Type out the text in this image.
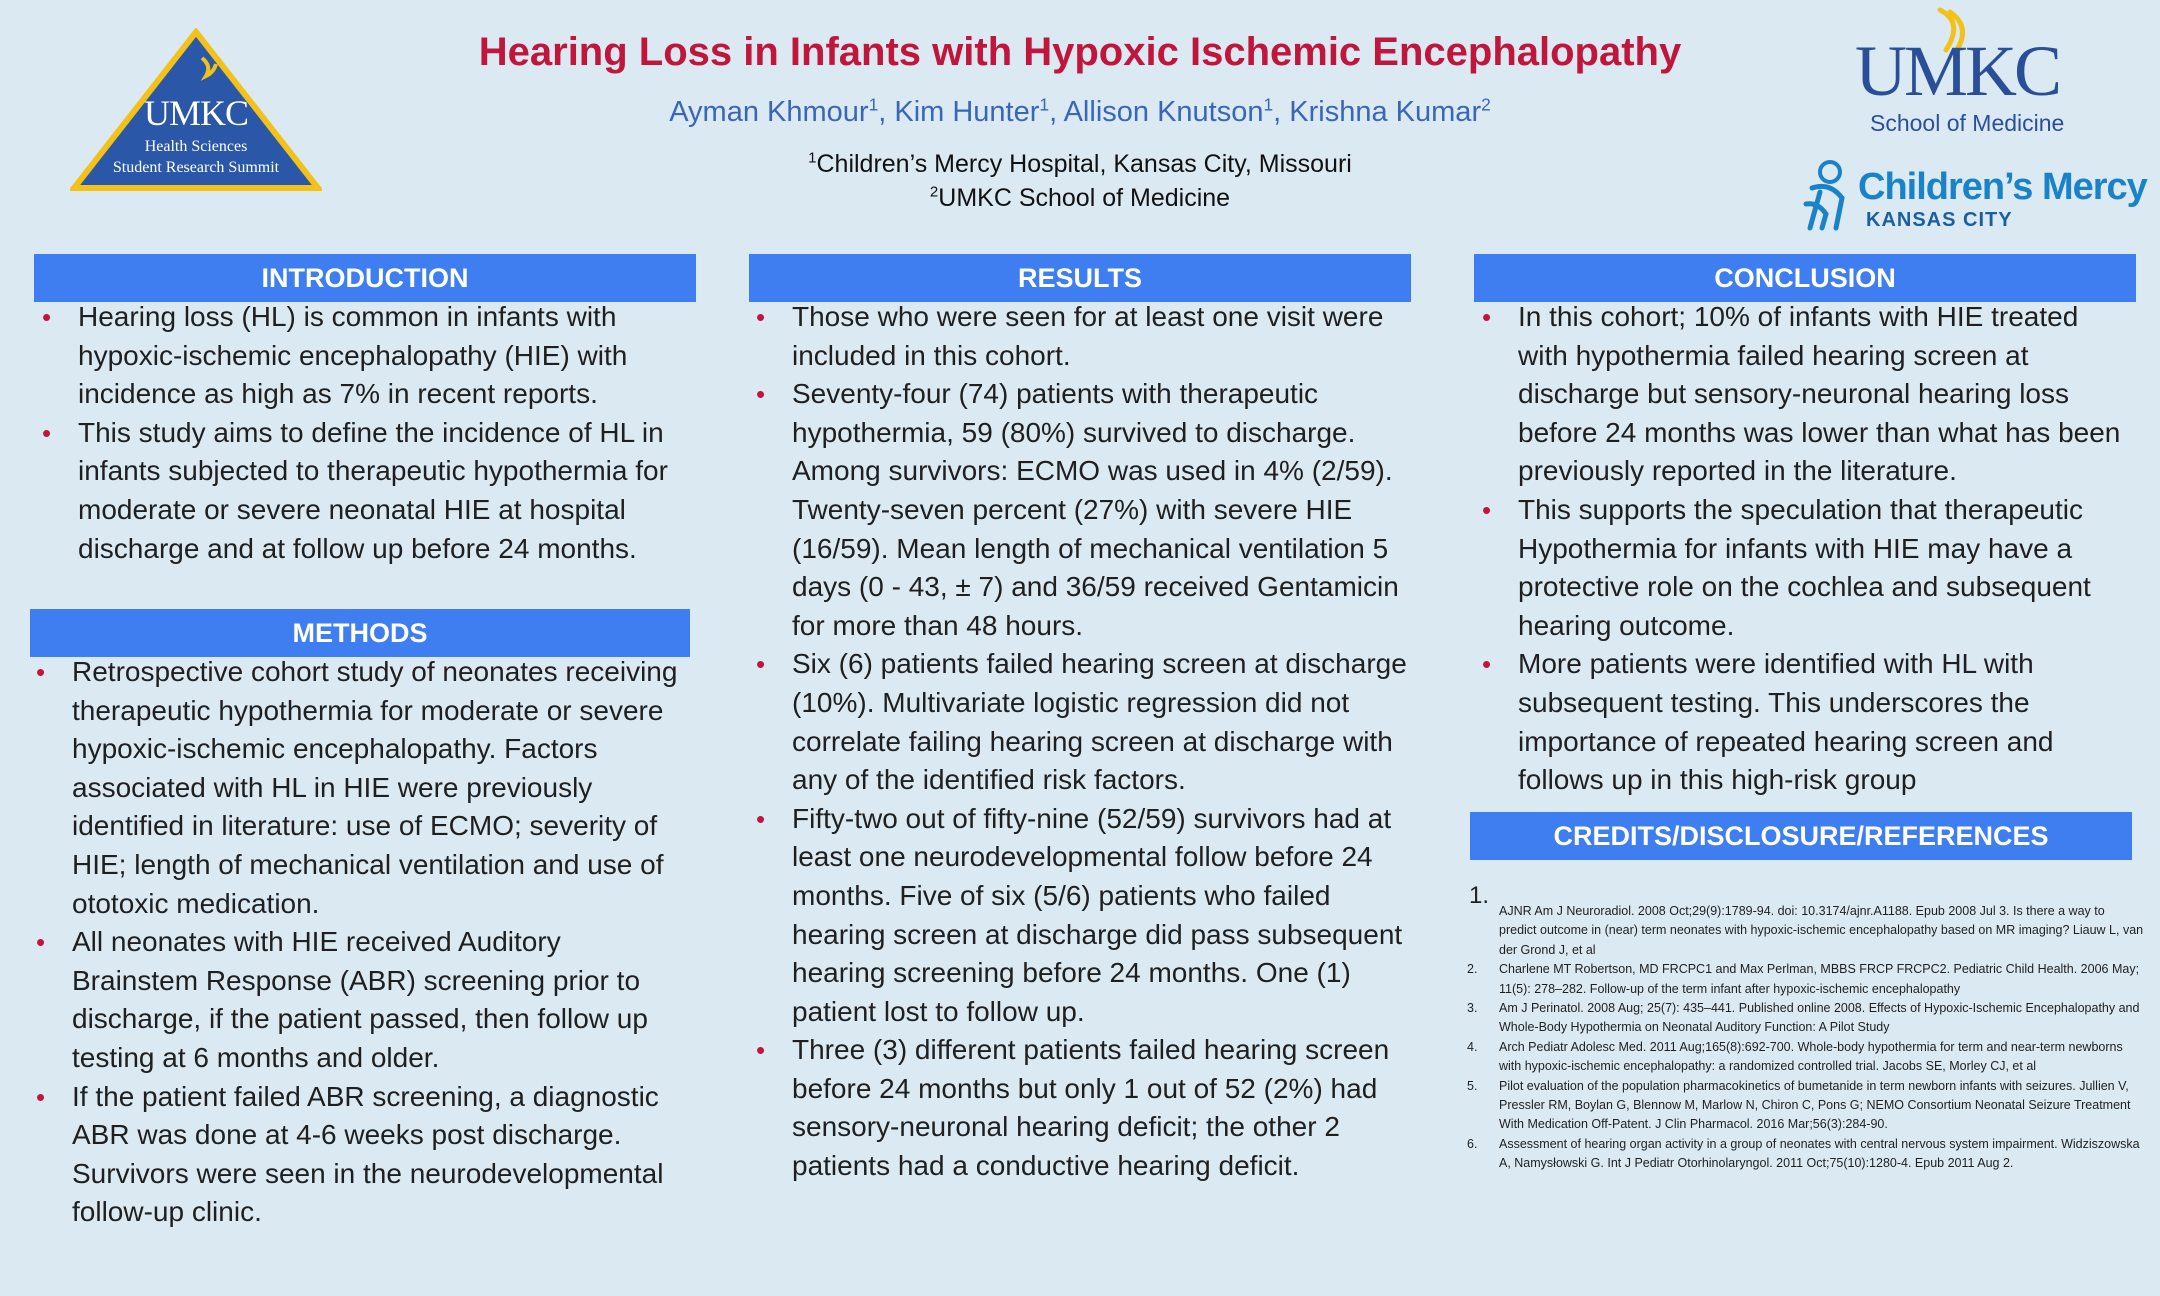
Hearing Loss in Infants with Hypoxic Ischemic Encephalopathy
Ayman Khmour$^1$, Kim Hunter$^1$, Allison Knutson$^1$, Krishna Kumar$^2$
$^1$Children’s Mercy Hospital, Kansas City, Missouri
$^2$UMKC School of Medicine
UMKC
Health Sciences
Student Research Summit
UMKC
School of Medicine
Children’s Mercy
KANSAS CITY
INTRODUCTION
• Hearing loss (HL) is common in infants with hypoxic-ischemic encephalopathy (HIE) with incidence as high as 7% in recent reports.
• This study aims to define the incidence of HL in infants subjected to therapeutic hypothermia for moderate or severe neonatal HIE at hospital discharge and at follow up before 24 months.
METHODS
• Retrospective cohort study of neonates receiving therapeutic hypothermia for moderate or severe hypoxic-ischemic encephalopathy. Factors associated with HL in HIE were previously identified in literature: use of ECMO; severity of HIE; length of mechanical ventilation and use of ototoxic medication.
• All neonates with HIE received Auditory Brainstem Response (ABR) screening prior to discharge, if the patient passed, then follow up testing at 6 months and older.
• If the patient failed ABR screening, a diagnostic ABR was done at 4-6 weeks post discharge. Survivors were seen in the neurodevelopmental follow-up clinic.
RESULTS
• Those who were seen for at least one visit were included in this cohort.
• Seventy-four (74) patients with therapeutic hypothermia, 59 (80%) survived to discharge. Among survivors: ECMO was used in 4% (2/59). Twenty-seven percent (27%) with severe HIE (16/59). Mean length of mechanical ventilation 5 days (0 - 43, ± 7) and 36/59 received Gentamicin for more than 48 hours.
• Six (6) patients failed hearing screen at discharge (10%). Multivariate logistic regression did not correlate failing hearing screen at discharge with any of the identified risk factors.
• Fifty-two out of fifty-nine (52/59) survivors had at least one neurodevelopmental follow before 24 months. Five of six (5/6) patients who failed hearing screen at discharge did pass subsequent hearing screening before 24 months. One (1) patient lost to follow up.
• Three (3) different patients failed hearing screen before 24 months but only 1 out of 52 (2%) had sensory-neuronal hearing deficit; the other 2 patients had a conductive hearing deficit.
CONCLUSION
• In this cohort; 10% of infants with HIE treated with hypothermia failed hearing screen at discharge but sensory-neuronal hearing loss before 24 months was lower than what has been previously reported in the literature.
• This supports the speculation that therapeutic Hypothermia for infants with HIE may have a protective role on the cochlea and subsequent hearing outcome.
• More patients were identified with HL with subsequent testing. This underscores the importance of repeated hearing screen and follows up in this high-risk group
CREDITS/DISCLOSURE/REFERENCES
1.
AJNR Am J Neuroradiol. 2008 Oct;29(9):1789-94. doi: 10.3174/ajnr.A1188. Epub 2008 Jul 3. Is there a way to predict outcome in (near) term neonates with hypoxic-ischemic encephalopathy based on MR imaging? Liauw L, van der Grond J, et al
2. Charlene MT Robertson, MD FRCPC1 and Max Perlman, MBBS FRCP FRCPC2. Pediatric Child Health. 2006 May; 11(5): 278–282. Follow-up of the term infant after hypoxic-ischemic encephalopathy
3. Am J Perinatol. 2008 Aug; 25(7): 435–441. Published online 2008. Effects of Hypoxic-Ischemic Encephalopathy and Whole-Body Hypothermia on Neonatal Auditory Function: A Pilot Study
4. Arch Pediatr Adolesc Med. 2011 Aug;165(8):692-700. Whole-body hypothermia for term and near-term newborns with hypoxic-ischemic encephalopathy: a randomized controlled trial. Jacobs SE, Morley CJ, et al
5. Pilot evaluation of the population pharmacokinetics of bumetanide in term newborn infants with seizures. Jullien V, Pressler RM, Boylan G, Blennow M, Marlow N, Chiron C, Pons G; NEMO Consortium Neonatal Seizure Treatment With Medication Off-Patent. J Clin Pharmacol. 2016 Mar;56(3):284-90.
6. Assessment of hearing organ activity in a group of neonates with central nervous system impairment. Widziszowska A, Namysłowski G. Int J Pediatr Otorhinolaryngol. 2011 Oct;75(10):1280-4. Epub 2011 Aug 2.
